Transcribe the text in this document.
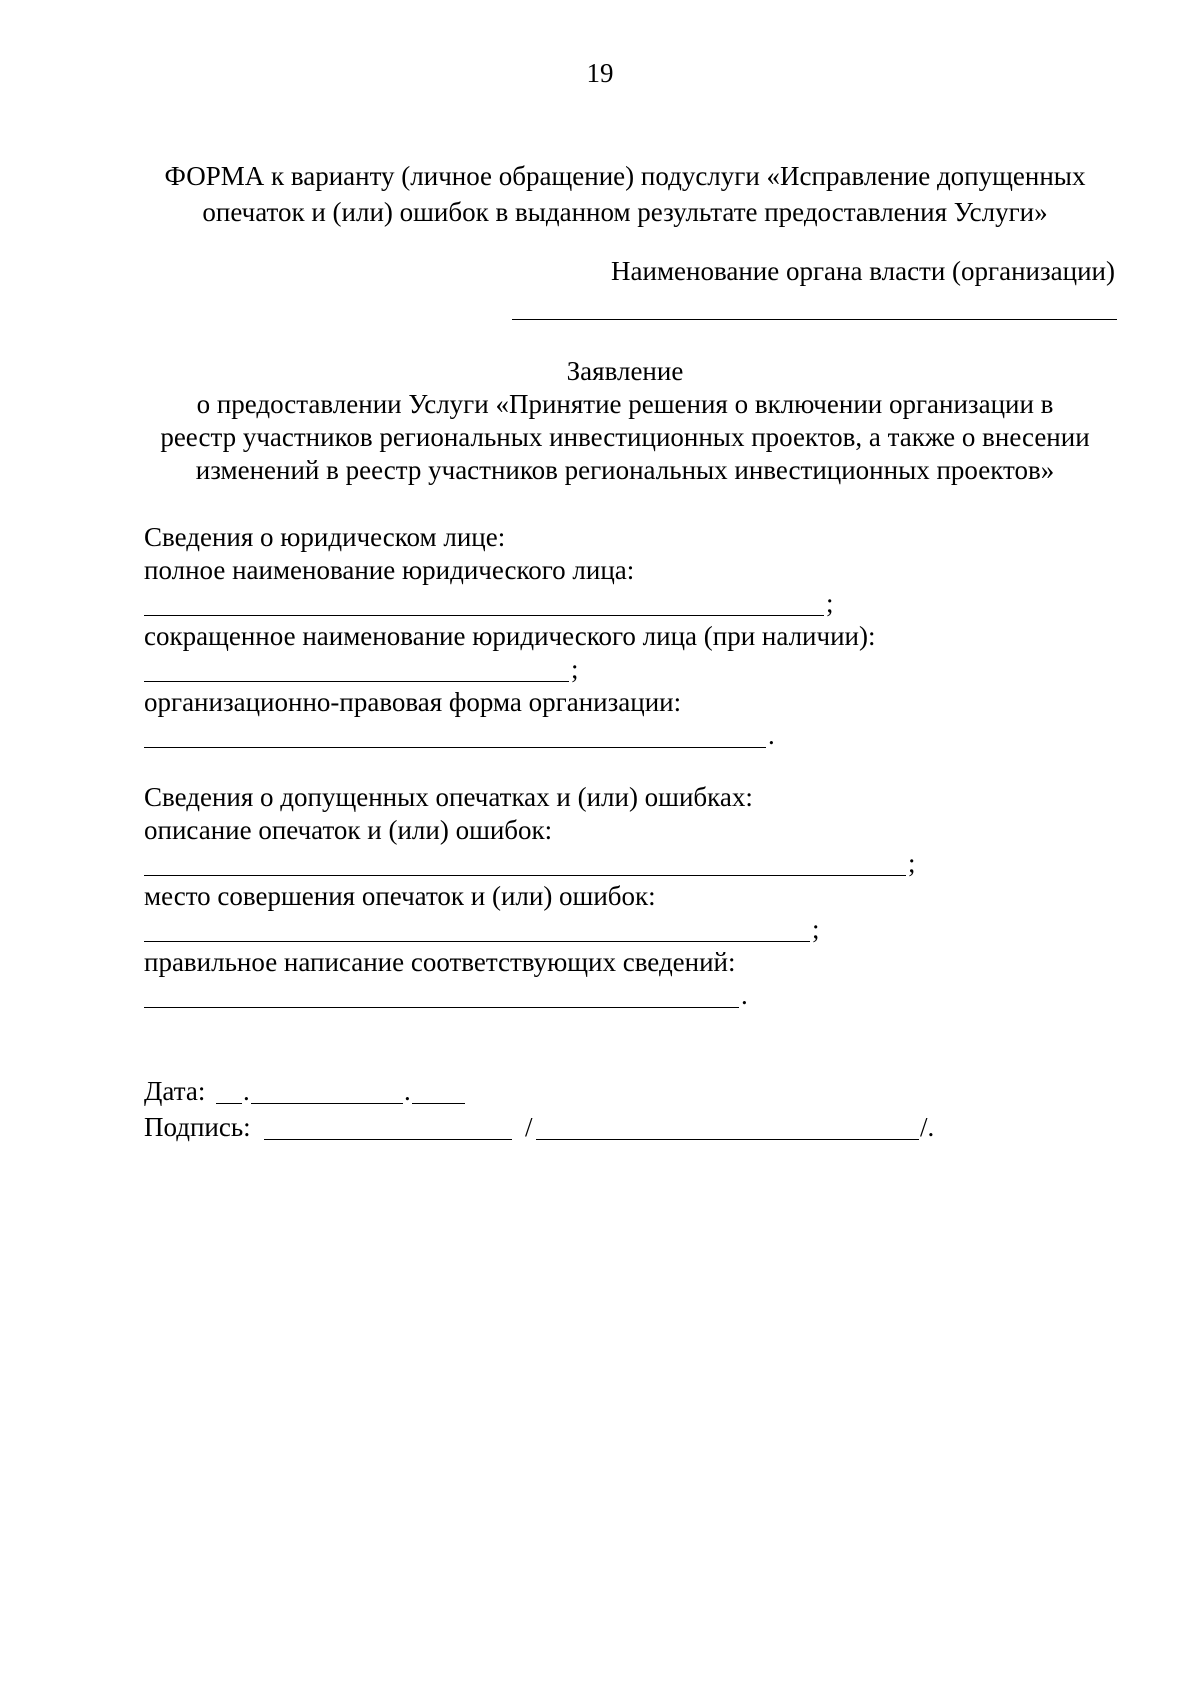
19
ФОРМА к варианту (личное обращение) подуслуги «Исправление допущенных
опечаток и (или) ошибок в выданном результате предоставления Услуги»
Наименование органа власти (организации)
Заявление
о предоставлении Услуги «Принятие решения о включении организации в
реестр участников региональных инвестиционных проектов, а также о внесении
изменений в реестр участников региональных инвестиционных проектов»
Сведения о юридическом лице:
полное наименование юридического лица:
;
сокращенное наименование юридического лица (при наличии):
;
организационно-правовая форма организации:
.
Сведения о допущенных опечатках и (или) ошибках:
описание опечаток и (или) ошибок:
;
место совершения опечаток и (или) ошибок:
;
правильное написание соответствующих сведений:
.
Дата: .	.
Подпись:	/	/.
